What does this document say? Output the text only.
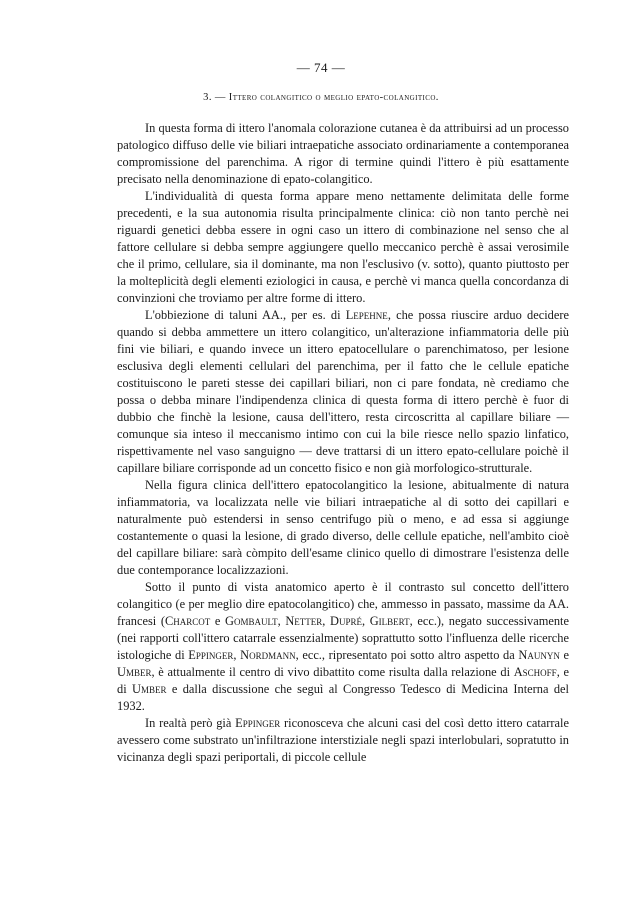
— 74 —
3. — Ittero colangitico o meglio epato-colangitico.

In questa forma di ittero l'anomala colorazione cutanea è da attribuirsi ad un processo patologico diffuso delle vie biliari intraepatiche associato ordinariamente a contemporanea compromissione del parenchima. A rigor di termine quindi l'ittero è più esattamente precisato nella denominazione di epato-colangitico.

L'individualità di questa forma appare meno nettamente delimitata delle forme precedenti, e la sua autonomia risulta principalmente clinica: ciò non tanto perchè nei riguardi genetici debba essere in ogni caso un ittero di combinazione nel senso che al fattore cellulare si debba sempre aggiungere quello meccanico perchè è assai verosimile che il primo, cellulare, sia il dominante, ma non l'esclusivo (v. sotto), quanto piuttosto per la molteplicità degli elementi eziologici in causa, e perchè vi manca quella concordanza di convinzioni che troviamo per altre forme di ittero.

L'obbiezione di taluni AA., per es. di Lepehne, che possa riuscire arduo decidere quando si debba ammettere un ittero colangitico, un'alterazione infiammatoria delle più fini vie biliari, e quando invece un ittero epatocellulare o parenchimatoso, per lesione esclusiva degli elementi cellulari del parenchima, per il fatto che le cellule epatiche costituiscono le pareti stesse dei capillari biliari, non ci pare fondata, nè crediamo che possa o debba minare l'indipendenza clinica di questa forma di ittero perchè è fuor di dubbio che finchè la lesione, causa dell'ittero, resta circoscritta al capillare biliare — comunque sia inteso il meccanismo intimo con cui la bile riesce nello spazio linfatico, rispettivamente nel vaso sanguigno — deve trattarsi di un ittero epato-cellulare poichè il capillare biliare corrisponde ad un concetto fisico e non già morfologico-strutturale.

Nella figura clinica dell'ittero epatocolangitico la lesione, abitualmente di natura infiammatoria, va localizzata nelle vie biliari intraepatiche al di sotto dei capillari e naturalmente può estendersi in senso centrifugo più o meno, e ad essa si aggiunge costantemente o quasi la lesione, di grado diverso, delle cellule epatiche, nell'ambito cioè del capillare biliare: sarà còmpito dell'esame clinico quello di dimostrare l'esistenza delle due contemporance localizzazioni.

Sotto il punto di vista anatomico aperto è il contrasto sul concetto dell'ittero colangitico (e per meglio dire epatocolangitico) che, ammesso in passato, massime da AA. francesi (Charcot e Gombault, Netter, Dupré, Gilbert, ecc.), negato successivamente (nei rapporti coll'ittero catarrale essenzialmente) soprattutto sotto l'influenza delle ricerche istologiche di Eppinger, Nordmann, ecc., ripresentato poi sotto altro aspetto da Naunyn e Umber, è attualmente il centro di vivo dibattito come risulta dalla relazione di Aschoff, e di Umber e dalla discussione che seguì al Congresso Tedesco di Medicina Interna del 1932.

In realtà però già Eppinger riconosceva che alcuni casi del così detto ittero catarrale avessero come substrato un'infiltrazione interstiziale negli spazi interlobulari, sopratutto in vicinanza degli spazi periportali, di piccole cellule
